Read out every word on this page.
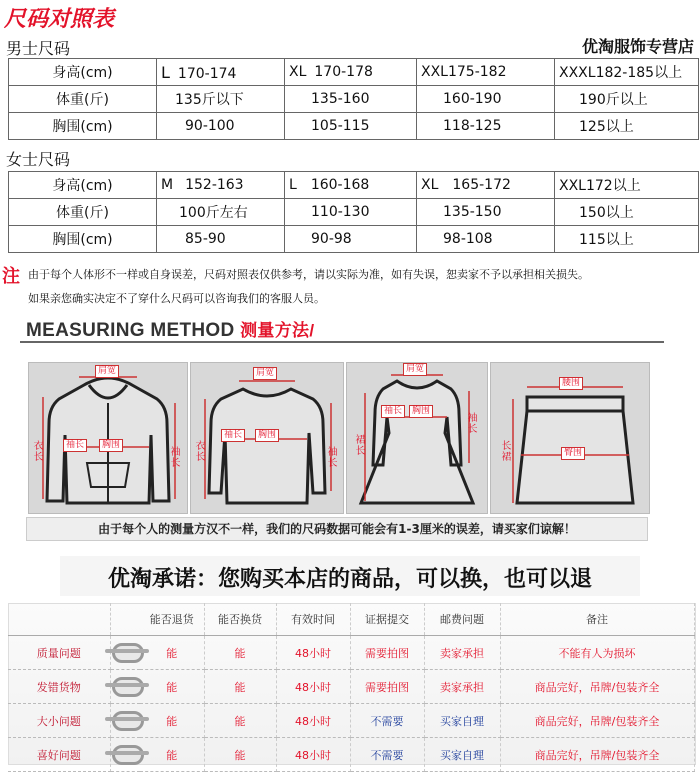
尺码对照表
男士尺码	优淘服饰专营店
身高(cm)	L 170-174	XL 170-178	XXL175-182	XXXL182-185以上
体重(斤)	135斤以下	135-160	160-190	190斤以上
胸围(cm)	90-100	105-115	118-125	125以上
女士尺码
身高(cm)	M 152-163	L 160-168	XL 165-172	XXL172以上
体重(斤)	100斤左右	110-130	135-150	150以上
胸围(cm)	85-90	90-98	98-108	115以上
注 由于每个人体形不一样或自身误差，尺码对照表仅供参考，请以实际为准，如有失误，恕卖家不予以承担相关损失。
如果亲您确实决定不了穿什么尺码可以咨询我们的客服人员。
MEASURING METHOD 测量方法/
肩宽
袖长	胸围
衣长	袖长
肩宽
袖长	胸围
衣长	袖长
肩宽
袖长	胸围
裙长
袖长
腰围
臀围
长裙
由于每个人的测量方汉不一样，我们的尺码数据可能会有1-3厘米的误差，请买家们谅解！
优淘承诺：您购买本店的商品，可以换，也可以退
		能否退货	能否换货	有效时间	证据提交	邮费问题	备注
质量问题		能	能	48小时	需要拍图	卖家承担	不能有人为损坏
发错货物		能	能	48小时	需要拍图	卖家承担	商品完好，吊牌/包装齐全
大小问题		能	能	48小时	不需要	买家自理	商品完好，吊牌/包装齐全
喜好问题		能	能	48小时	不需要	买家自理	商品完好，吊牌/包装齐全
